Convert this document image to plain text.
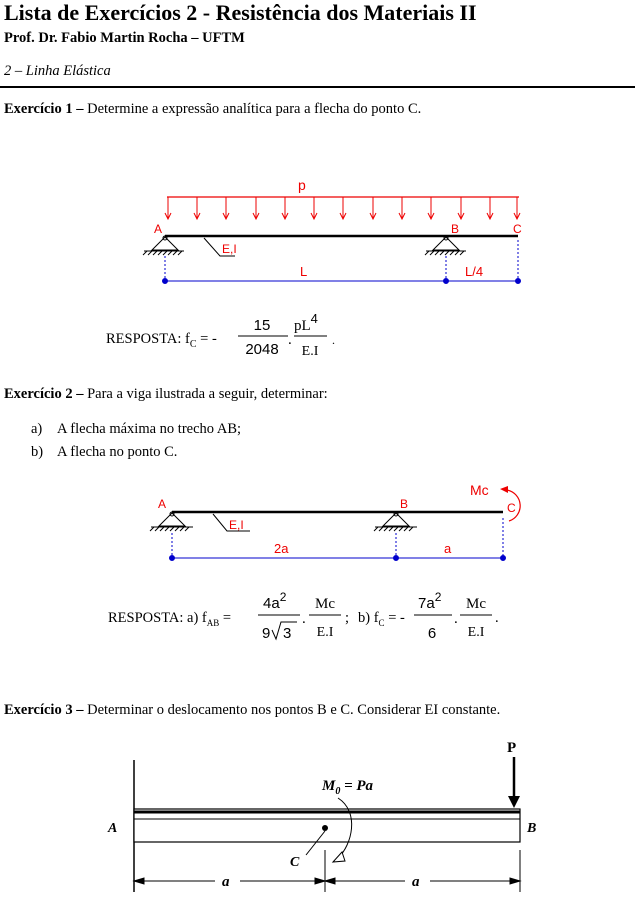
Lista de Exercícios 2 - Resistência dos Materiais II
Prof. Dr. Fabio Martin Rocha – UFTM
2 – Linha Elástica
Exercício 1 – Determine a expressão analítica para a flecha do ponto C.
p
A	B	C
E,I
L	L/4
RESPOSTA: $f_C$ = -
15
2048
.
pL4
E.I
.
Exercício 2 – Para a viga ilustrada a seguir, determinar:
a) A flecha máxima no trecho AB;
b) A flecha no ponto C.
A	B	C
Mc
E,I
2a	a
RESPOSTA: a) $f_{AB}$ =
$4a^2$
9 3
.
Mc
E.I
; b) $f_C$ = -
$7a^2$
6
.
Mc
E.I
.
Exercício 3 – Determinar o deslocamento nos pontos B e C. Considerar EI constante.
P
$M_0 = Pa$
A	B
C
a	a
